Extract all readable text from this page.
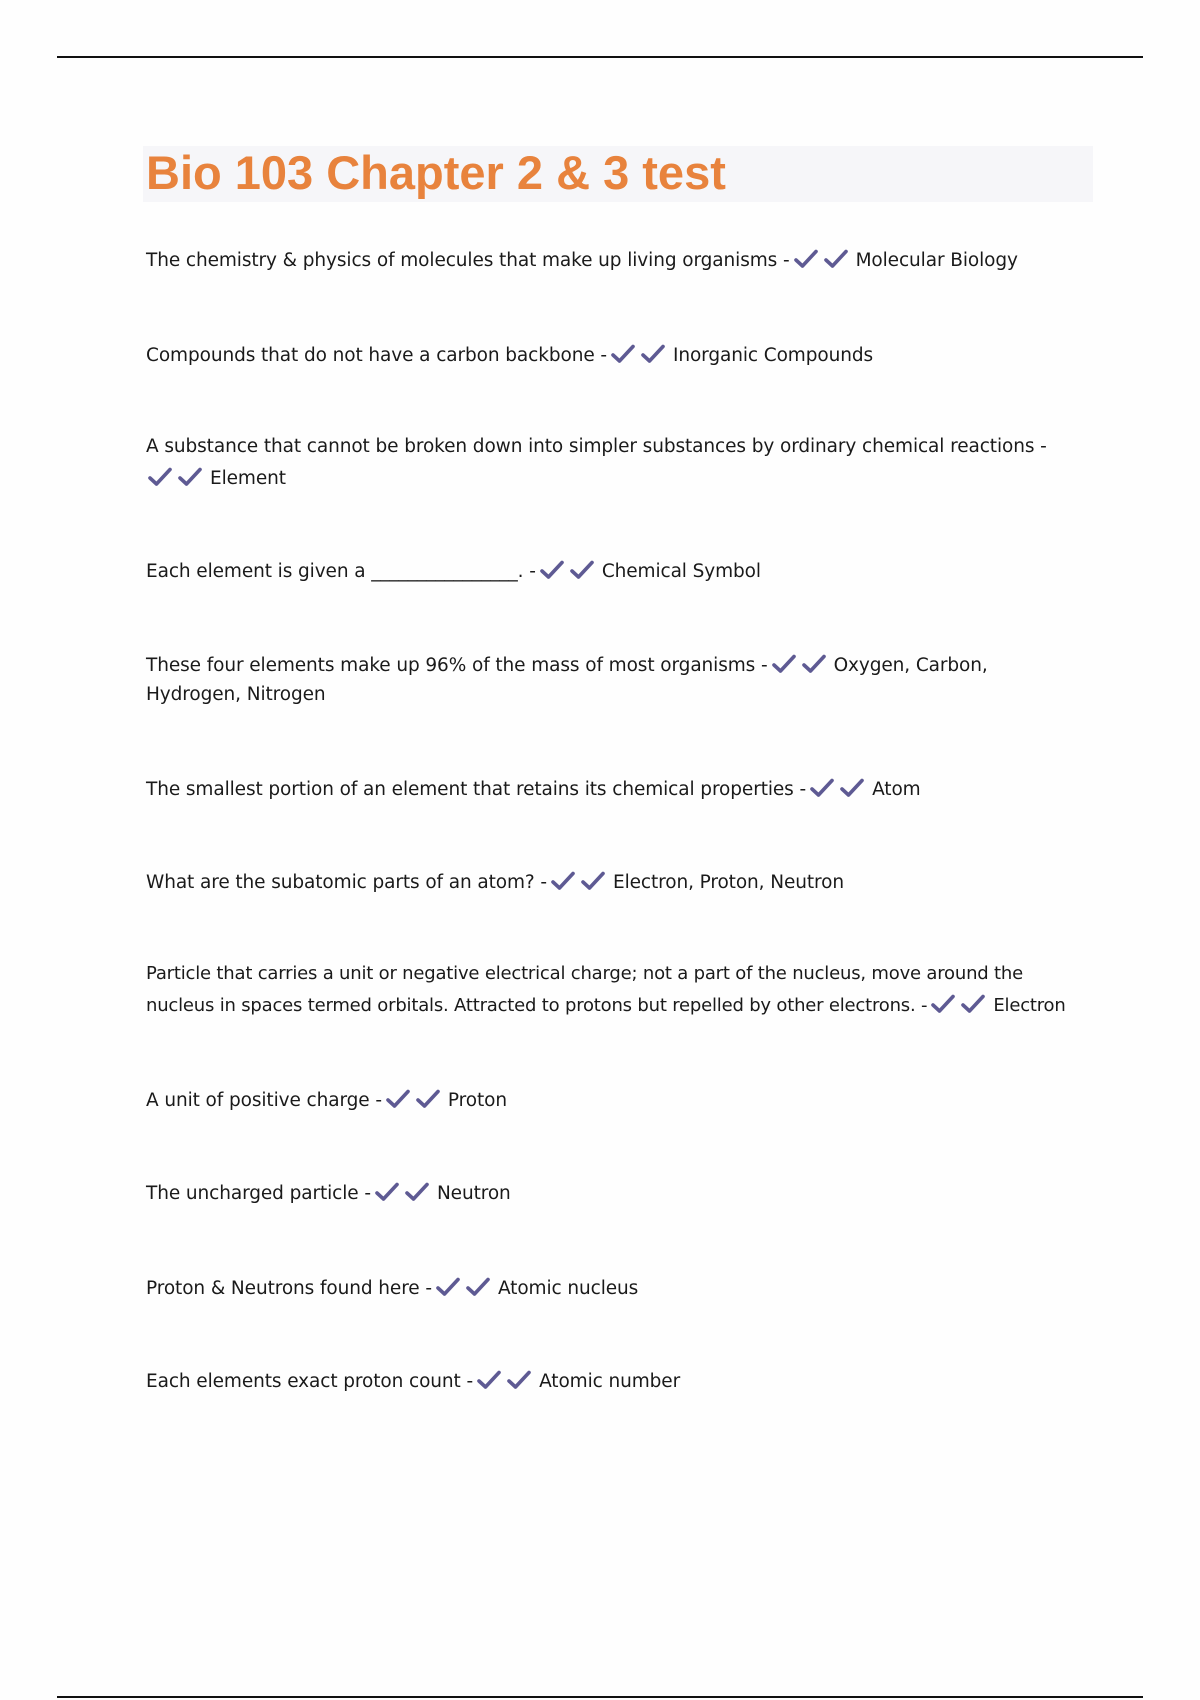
Bio 103 Chapter 2 & 3 test

The chemistry & physics of molecules that make up living organisms -	Molecular Biology

Compounds that do not have a carbon backbone -	Inorganic Compounds

A substance that cannot be broken down into simpler substances by ordinary chemical reactions -

Element

Each element is given a ________________. -	Chemical Symbol

These four elements make up 96% of the mass of most organisms -	Oxygen, Carbon, Hydrogen, Nitrogen

The smallest portion of an element that retains its chemical properties -	Atom

What are the subatomic parts of an atom? -	Electron, Proton, Neutron

Particle that carries a unit or negative electrical charge; not a part of the nucleus, move around the nucleus in spaces termed orbitals. Attracted to protons but repelled by other electrons. -	Electron

A unit of positive charge -	Proton

The uncharged particle -	Neutron

Proton & Neutrons found here -	Atomic nucleus

Each elements exact proton count -	Atomic number
